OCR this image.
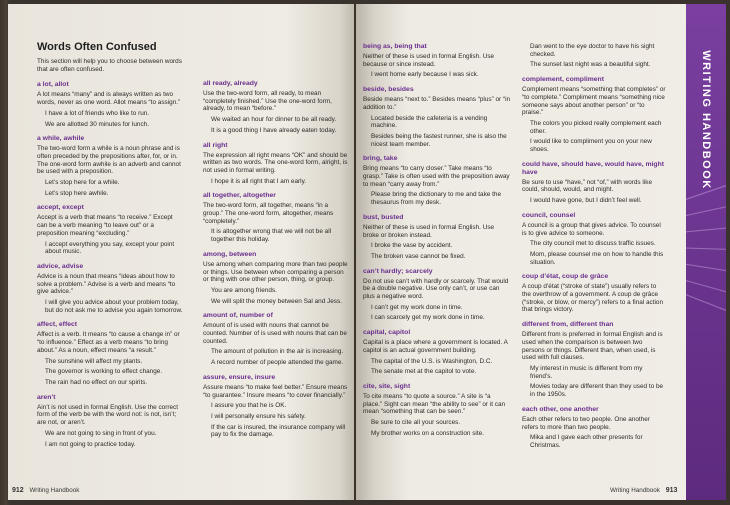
Words Often Confused
This section will help you to choose between words that are often confused.
a lot, allot
A lot means “many” and is always written as two words, never as one word. Allot means “to assign.”
I have a lot of friends who like to run.
We are allotted 30 minutes for lunch.
a while, awhile
The two-word form a while is a noun phrase and is often preceded by the prepositions after, for, or in. The one-word form awhile is an adverb and cannot be used with a preposition.
Let’s stop here for a while.
Let’s stop here awhile.
accept, except
Accept is a verb that means “to receive.” Except can be a verb meaning “to leave out” or a preposition meaning “excluding.”
I accept everything you say, except your point about music.
advice, advise
Advice is a noun that means “ideas about how to solve a problem.” Advise is a verb and means “to give advice.”
I will give you advice about your problem today, but do not ask me to advise you again tomorrow.
affect, effect
Affect is a verb. It means “to cause a change in” or “to influence.” Effect as a verb means “to bring about.” As a noun, effect means “a result.”
The sunshine will affect my plants.
The governor is working to effect change.
The rain had no effect on our spirits.
aren’t
Ain’t is not used in formal English. Use the correct form of the verb be with the word not: is not, isn’t; are not, or aren’t.
We are not going to sing in front of you.
I am not going to practice today.
all ready, already
Use the two-word form, all ready, to mean “completely finished.” Use the one-word form, already, to mean “before.”
We waited an hour for dinner to be all ready.
It is a good thing I have already eaten today.
all right
The expression all right means “OK” and should be written as two words. The one-word form, alright, is not used in formal writing.
I hope it is all right that I am early.
all together, altogether
The two-word form, all together, means “in a group.” The one-word form, altogether, means “completely.”
It is altogether wrong that we will not be all together this holiday.
among, between
Use among when comparing more than two people or things. Use between when comparing a person or thing with one other person, thing, or group.
You are among friends.
We will split the money between Sal and Jess.
amount of, number of
Amount of is used with nouns that cannot be counted. Number of is used with nouns that can be counted.
The amount of pollution in the air is increasing.
A record number of people attended the game.
assure, ensure, insure
Assure means “to make feel better.” Ensure means “to guarantee.” Insure means “to cover financially.”
I assure you that he is OK.
I will personally ensure his safety.
If the car is insured, the insurance company will pay to fix the damage.
912 Writing Handbook
being as, being that
Neither of these is used in formal English. Use because or since instead.
I went home early because I was sick.
beside, besides
Beside means “next to.” Besides means “plus” or “in addition to.”
Located beside the cafeteria is a vending machine.
Besides being the fastest runner, she is also the nicest team member.
bring, take
Bring means “to carry closer.” Take means “to grasp.” Take is often used with the preposition away to mean “carry away from.”
Please bring the dictionary to me and take the thesaurus from my desk.
bust, busted
Neither of these is used in formal English. Use broke or broken instead.
I broke the vase by accident.
The broken vase cannot be fixed.
can’t hardly; scarcely
Do not use can’t with hardly or scarcely. That would be a double negative. Use only can’t, or use can plus a negative word.
I can’t get my work done in time.
I can scarcely get my work done in time.
capital, capitol
Capital is a place where a government is located. A capitol is an actual government building.
The capital of the U.S. is Washington, D.C.
The senate met at the capitol to vote.
cite, site, sight
To cite means “to quote a source.” A site is “a place.” Sight can mean “the ability to see” or it can mean “something that can be seen.”
Be sure to cite all your sources.
My brother works on a construction site.
Dan went to the eye doctor to have his sight checked.
The sunset last night was a beautiful sight.
complement, compliment
Complement means “something that completes” or “to complete.” Compliment means “something nice someone says about another person” or “to praise.”
The colors you picked really complement each other.
I would like to compliment you on your new shoes.
could have, should have, would have, might have
Be sure to use “have,” not “of,” with words like could, should, would, and might.
I would have gone, but I didn’t feel well.
council, counsel
A council is a group that gives advice. To counsel is to give advice to someone.
The city council met to discuss traffic issues.
Mom, please counsel me on how to handle this situation.
coup d’état, coup de grâce
A coup d’état (“stroke of state”) usually refers to the overthrow of a government. A coup de grâce (“stroke, or blow, or mercy”) refers to a final action that brings victory.
different from, different than
Different from is preferred in formal English and is used when the comparison is between two persons or things. Different than, when used, is used with full clauses.
My interest in music is different from my friend’s.
Movies today are different than they used to be in the 1950s.
each other, one another
Each other refers to two people. One another refers to more than two people.
Mika and I gave each other presents for Christmas.
Writing Handbook 913
WRITING HANDBOOK
